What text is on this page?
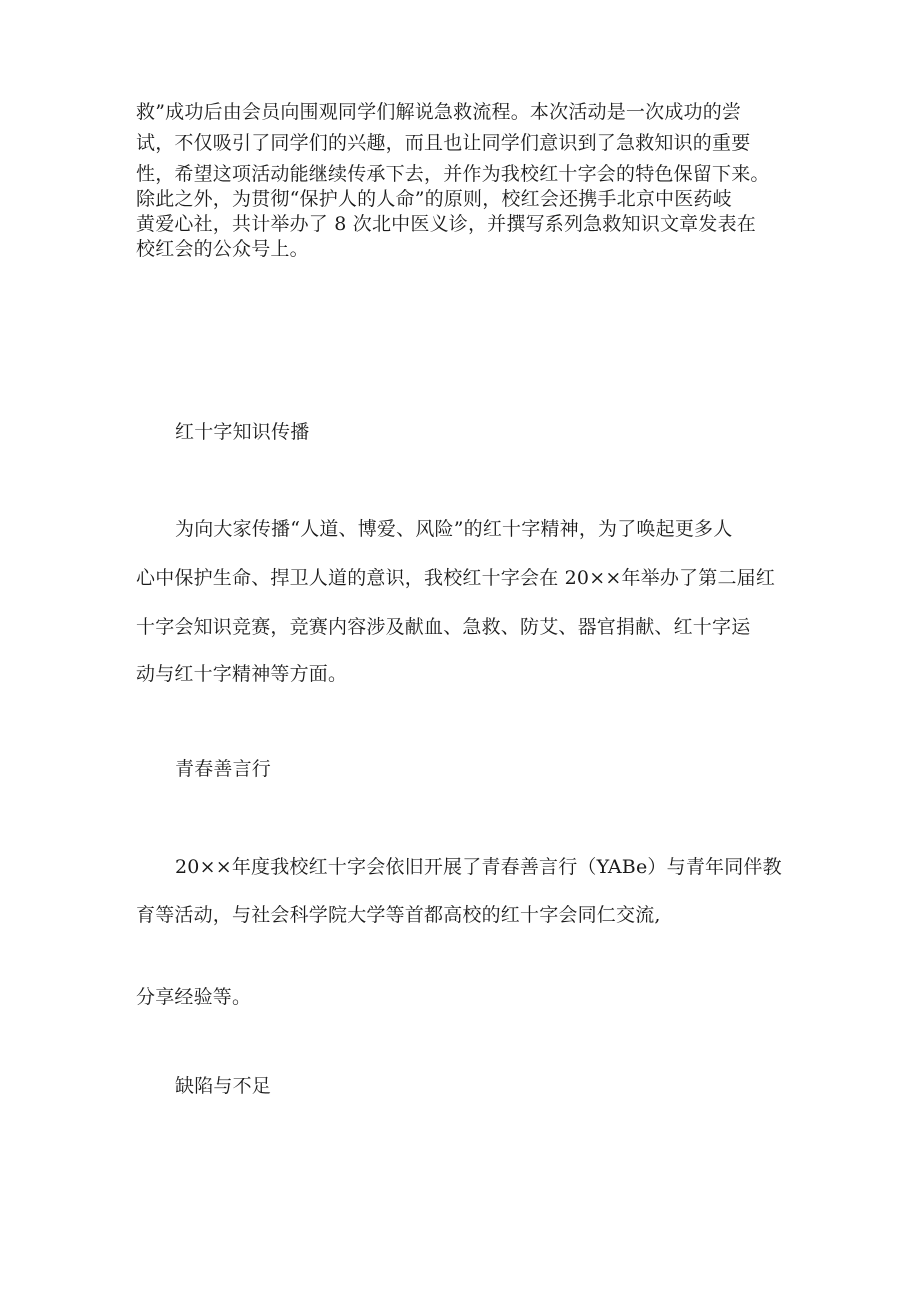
救”成功后由会员向围观同学们解说急救流程。本次活动是一次成功的尝
试，不仅吸引了同学们的兴趣，而且也让同学们意识到了急救知识的重要
性，希望这项活动能继续传承下去，并作为我校红十字会的特色保留下来。
除此之外，为贯彻“保护人的人命”的原则，校红会还携手北京中医药岐
黄爱心社，共计举办了 8 次北中医义诊，并撰写系列急救知识文章发表在
校红会的公众号上。
红十字知识传播
为向大家传播“人道、博爱、风险”的红十字精神，为了唤起更多人
心中保护生命、捍卫人道的意识，我校红十字会在 20××年举办了第二届红
十字会知识竞赛，竞赛内容涉及献血、急救、防艾、器官捐献、红十字运
动与红十字精神等方面。
青春善言行
20××年度我校红十字会依旧开展了青春善言行（YABe）与青年同伴教
育等活动，与社会科学院大学等首都高校的红十字会同仁交流,
分享经验等。
缺陷与不足
